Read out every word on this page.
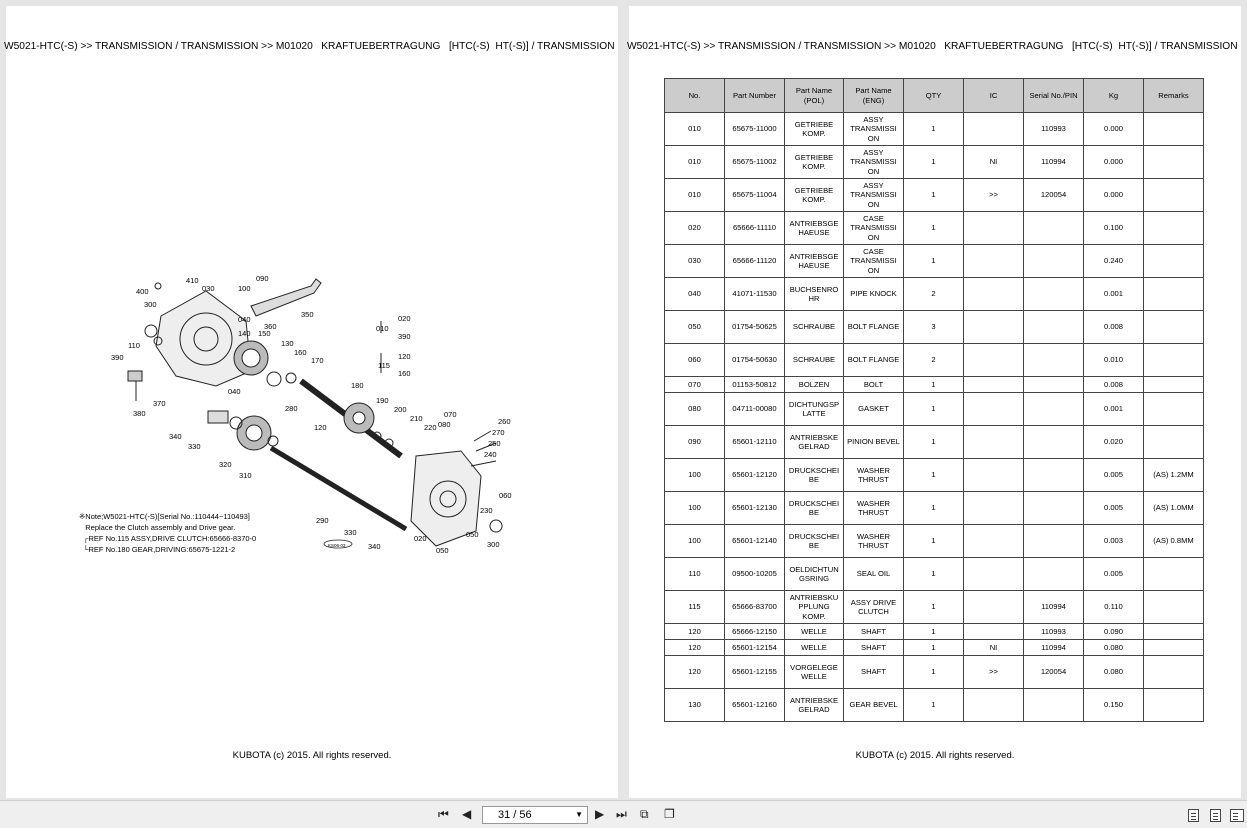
W5021-HTC(-S) >> TRANSMISSION / TRANSMISSION >> M01020   KRAFTUEBERTRAGUNG   [HTC(-S)  HT(-S)] / TRANSMISSION
400
410
030
300
100
090
350
040
360
140 150
130
160
170
110
390
370
380
040
280
180
190
200
210
220 080
070
260
270
250
240
120
340
330
320
310
290
230
060
050
330
340
020
050
300
010
020
390
115
120
160
KS06-03
※Note;W5021-HTC(-S)[Serial No.:110444~110493]
Replace the Clutch assembly and Drive gear.
┌REF No.115 ASSY,DRIVE CLUTCH:65666-8370-0
└REF No.180 GEAR,DRIVING:65675-1221-2
KUBOTA (c) 2015. All rights reserved.
W5021-HTC(-S) >> TRANSMISSION / TRANSMISSION >> M01020   KRAFTUEBERTRAGUNG   [HTC(-S)  HT(-S)] / TRANSMISSION
No.	Part Number	Part Name (POL)	Part Name (ENG)	QTY	IC	Serial No./PIN	Kg	Remarks
010	65675-11000	GETRIEBE KOMP.	ASSY TRANSMISSI ON	1		110993	0.000	
010	65675-11002	GETRIEBE KOMP.	ASSY TRANSMISSI ON	1	NI	110994	0.000	
010	65675-11004	GETRIEBE KOMP.	ASSY TRANSMISSI ON	1	>>	120054	0.000	
020	65666-11110	ANTRIEBSGE HAEUSE	CASE TRANSMISSI ON	1			0.100	
030	65666-11120	ANTRIEBSGE HAEUSE	CASE TRANSMISSI ON	1			0.240	
040	41071-11530	BUCHSENRO HR	PIPE KNOCK	2			0.001	
050	01754-50625	SCHRAUBE	BOLT FLANGE	3			0.008	
060	01754-50630	SCHRAUBE	BOLT FLANGE	2			0.010	
070	01153-50812	BOLZEN	BOLT	1			0.008	
080	04711-00080	DICHTUNGSP LATTE	GASKET	1			0.001	
090	65601-12110	ANTRIEBSKE GELRAD	PINION BEVEL	1			0.020	
100	65601-12120	DRUCKSCHEI BE	WASHER THRUST	1			0.005	(AS) 1.2MM
100	65601-12130	DRUCKSCHEI BE	WASHER THRUST	1			0.005	(AS) 1.0MM
100	65601-12140	DRUCKSCHEI BE	WASHER THRUST	1			0.003	(AS) 0.8MM
110	09500-10205	OELDICHTUN GSRING	SEAL OIL	1			0.005	
115	65666-83700	ANTRIEBSKU PPLUNG KOMP.	ASSY DRIVE CLUTCH	1		110994	0.110	
120	65666-12150	WELLE	SHAFT	1		110993	0.090	
120	65601-12154	WELLE	SHAFT	1	NI	110994	0.080	
120	65601-12155	VORGELEGE WELLE	SHAFT	1	>>	120054	0.080	
130	65601-12160	ANTRIEBSKE GELRAD	GEAR BEVEL	1			0.150	
KUBOTA (c) 2015. All rights reserved.
⏮ ◀	31 / 56	▼ ▶ ⏭ ⧉ ❐
